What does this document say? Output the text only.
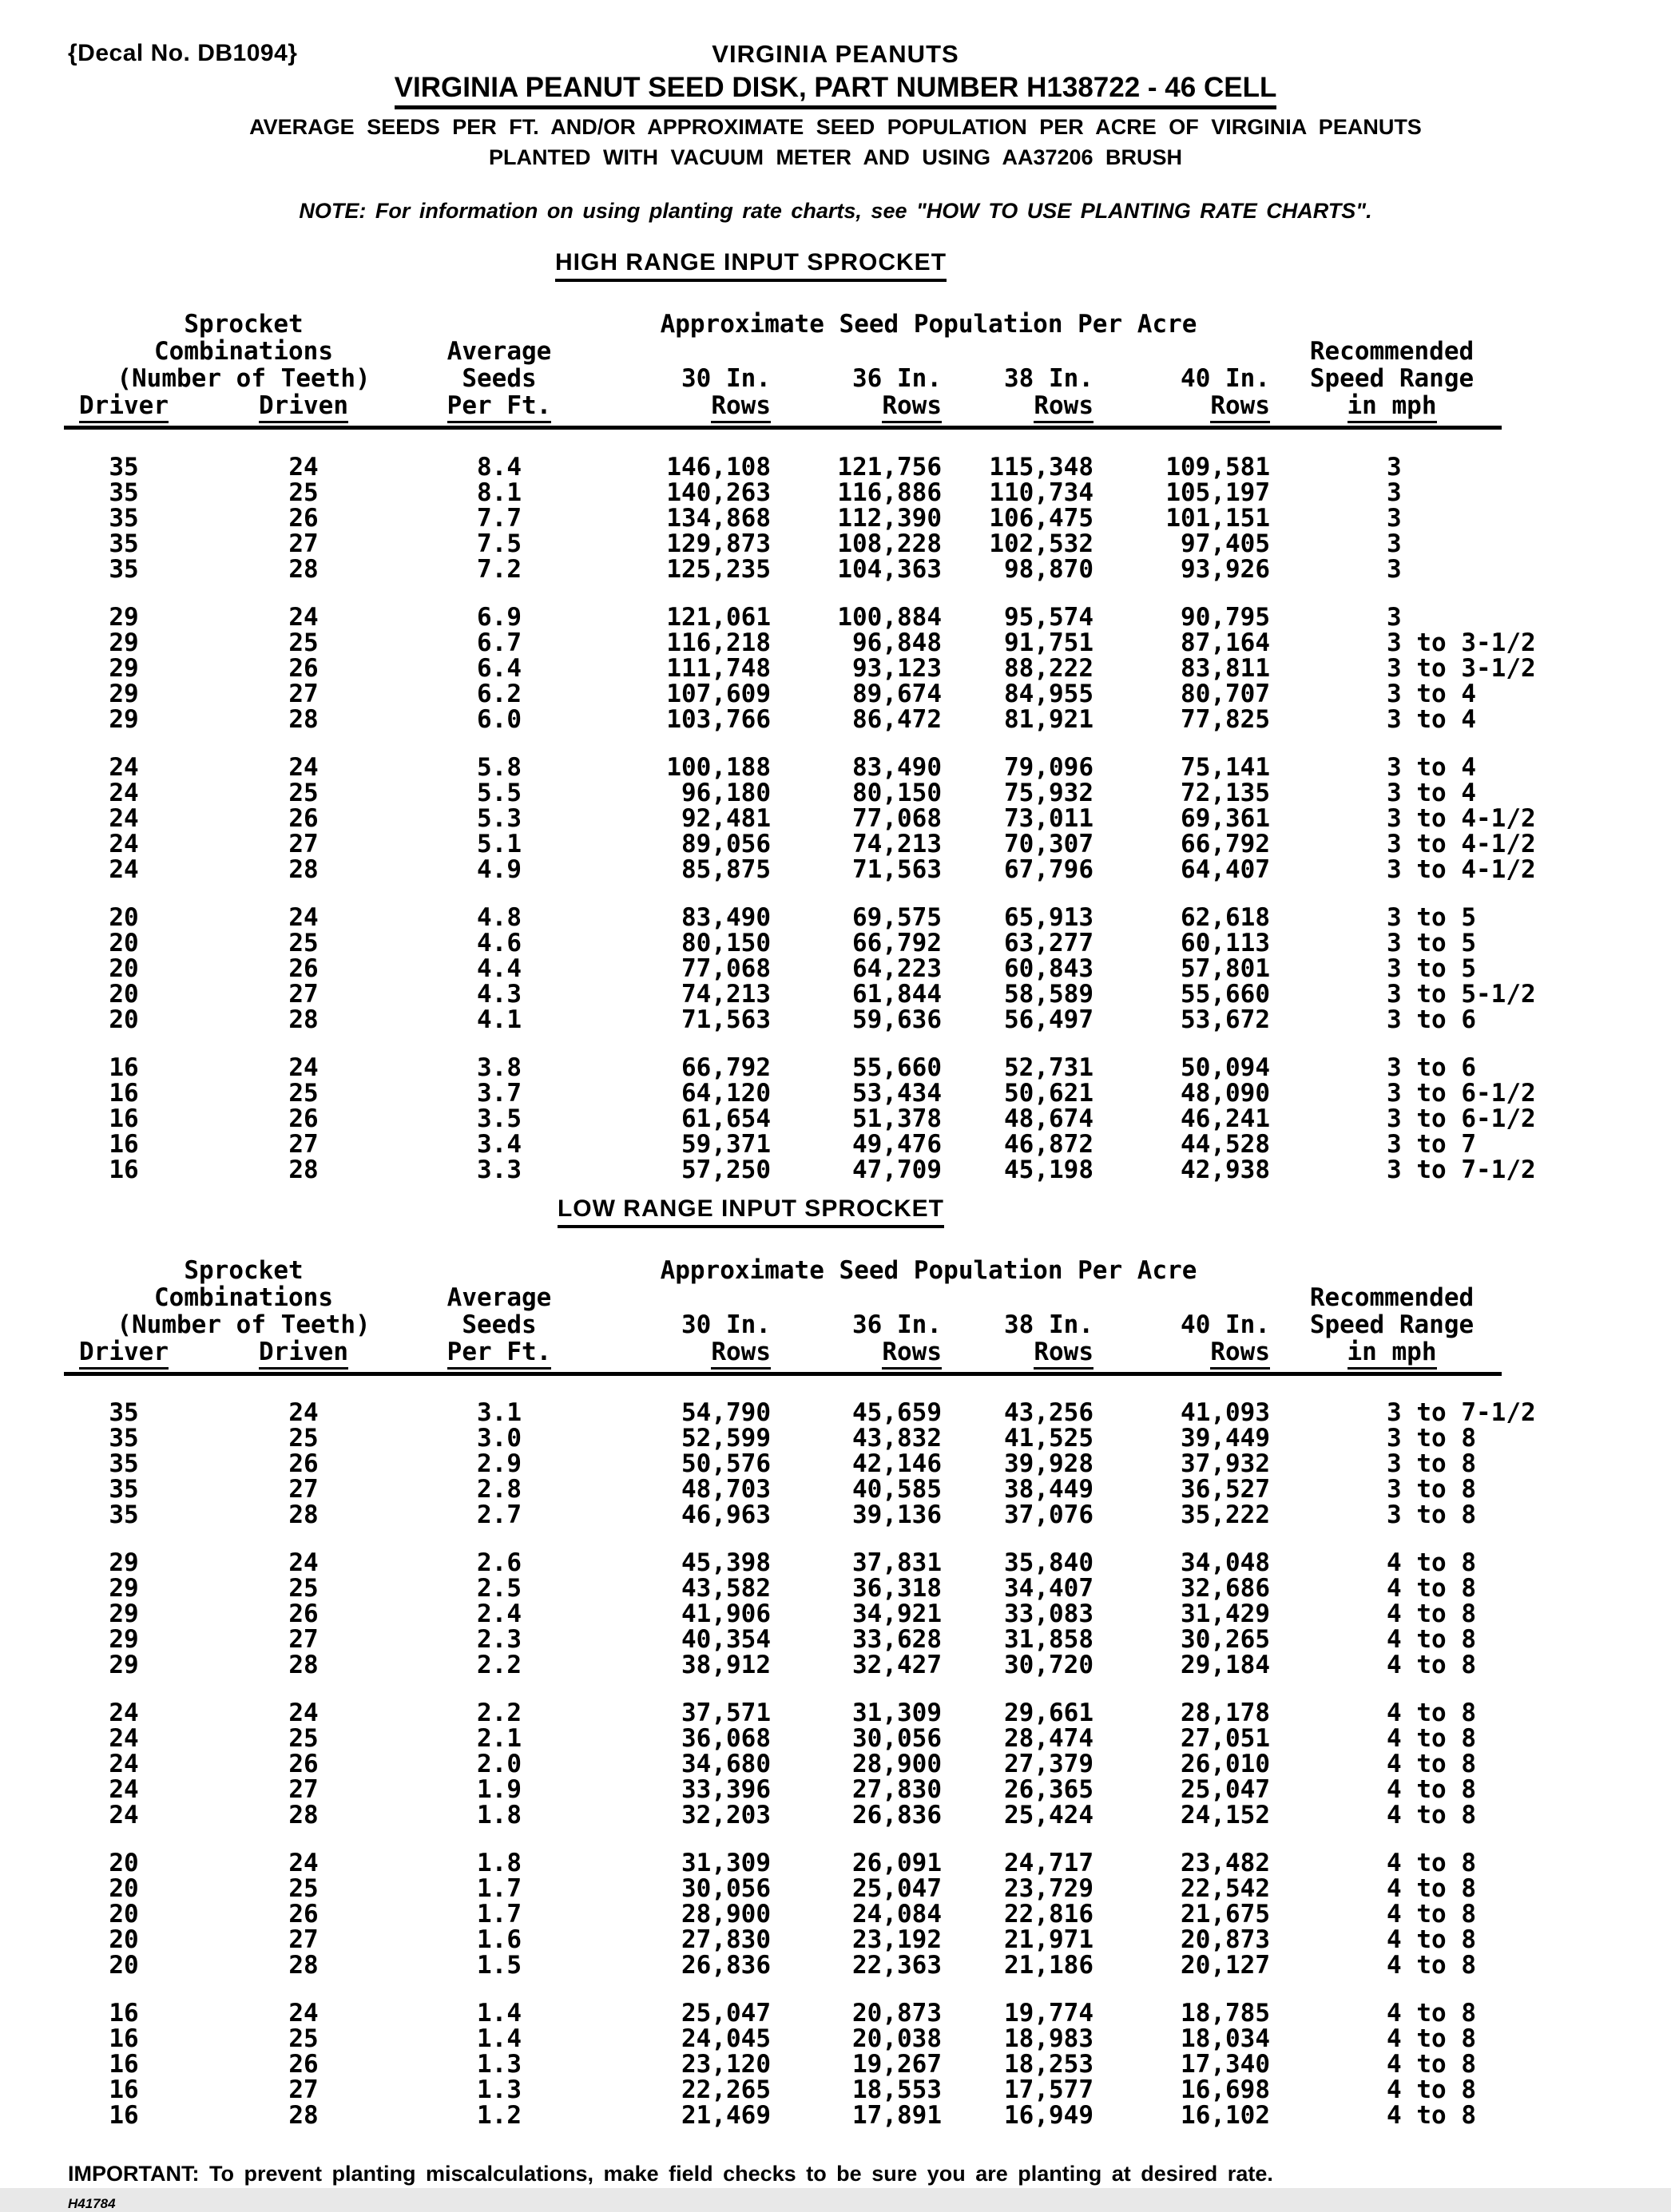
{Decal No. DB1094}	VIRGINIA PEANUTS
VIRGINIA PEANUT SEED DISK, PART NUMBER H138722 - 46 CELL
AVERAGE SEEDS PER FT. AND/OR APPROXIMATE SEED POPULATION PER ACRE OF VIRGINIA PEANUTS
PLANTED WITH VACUUM METER AND USING AA37206 BRUSH
NOTE: For information on using planting rate charts, see "HOW TO USE PLANTING RATE CHARTS".
HIGH RANGE INPUT SPROCKET
Sprocket			Approximate Seed Population Per Acre				
Combinations		Average					Recommended
(Number of Teeth)		Seeds	30 In.	36 In.	38 In.	40 In.	Speed Range
Driver	Driven	Per Ft.	Rows	Rows	Rows	Rows	in mph

35	24	8.4	146,108	121,756	115,348	109,581	3
35	25	8.1	140,263	116,886	110,734	105,197	3
35	26	7.7	134,868	112,390	106,475	101,151	3
35	27	7.5	129,873	108,228	102,532	97,405	3
35	28	7.2	125,235	104,363	98,870	93,926	3

29	24	6.9	121,061	100,884	95,574	90,795	3
29	25	6.7	116,218	96,848	91,751	87,164	3 to 3-1/2
29	26	6.4	111,748	93,123	88,222	83,811	3 to 3-1/2
29	27	6.2	107,609	89,674	84,955	80,707	3 to 4
29	28	6.0	103,766	86,472	81,921	77,825	3 to 4

24	24	5.8	100,188	83,490	79,096	75,141	3 to 4
24	25	5.5	96,180	80,150	75,932	72,135	3 to 4
24	26	5.3	92,481	77,068	73,011	69,361	3 to 4-1/2
24	27	5.1	89,056	74,213	70,307	66,792	3 to 4-1/2
24	28	4.9	85,875	71,563	67,796	64,407	3 to 4-1/2

20	24	4.8	83,490	69,575	65,913	62,618	3 to 5
20	25	4.6	80,150	66,792	63,277	60,113	3 to 5
20	26	4.4	77,068	64,223	60,843	57,801	3 to 5
20	27	4.3	74,213	61,844	58,589	55,660	3 to 5-1/2
20	28	4.1	71,563	59,636	56,497	53,672	3 to 6

16	24	3.8	66,792	55,660	52,731	50,094	3 to 6
16	25	3.7	64,120	53,434	50,621	48,090	3 to 6-1/2
16	26	3.5	61,654	51,378	48,674	46,241	3 to 6-1/2
16	27	3.4	59,371	49,476	46,872	44,528	3 to 7
16	28	3.3	57,250	47,709	45,198	42,938	3 to 7-1/2
LOW RANGE INPUT SPROCKET
Sprocket			Approximate Seed Population Per Acre				
Combinations		Average					Recommended
(Number of Teeth)		Seeds	30 In.	36 In.	38 In.	40 In.	Speed Range
Driver	Driven	Per Ft.	Rows	Rows	Rows	Rows	in mph

35	24	3.1	54,790	45,659	43,256	41,093	3 to 7-1/2
35	25	3.0	52,599	43,832	41,525	39,449	3 to 8
35	26	2.9	50,576	42,146	39,928	37,932	3 to 8
35	27	2.8	48,703	40,585	38,449	36,527	3 to 8
35	28	2.7	46,963	39,136	37,076	35,222	3 to 8

29	24	2.6	45,398	37,831	35,840	34,048	4 to 8
29	25	2.5	43,582	36,318	34,407	32,686	4 to 8
29	26	2.4	41,906	34,921	33,083	31,429	4 to 8
29	27	2.3	40,354	33,628	31,858	30,265	4 to 8
29	28	2.2	38,912	32,427	30,720	29,184	4 to 8

24	24	2.2	37,571	31,309	29,661	28,178	4 to 8
24	25	2.1	36,068	30,056	28,474	27,051	4 to 8
24	26	2.0	34,680	28,900	27,379	26,010	4 to 8
24	27	1.9	33,396	27,830	26,365	25,047	4 to 8
24	28	1.8	32,203	26,836	25,424	24,152	4 to 8

20	24	1.8	31,309	26,091	24,717	23,482	4 to 8
20	25	1.7	30,056	25,047	23,729	22,542	4 to 8
20	26	1.7	28,900	24,084	22,816	21,675	4 to 8
20	27	1.6	27,830	23,192	21,971	20,873	4 to 8
20	28	1.5	26,836	22,363	21,186	20,127	4 to 8

16	24	1.4	25,047	20,873	19,774	18,785	4 to 8
16	25	1.4	24,045	20,038	18,983	18,034	4 to 8
16	26	1.3	23,120	19,267	18,253	17,340	4 to 8
16	27	1.3	22,265	18,553	17,577	16,698	4 to 8
16	28	1.2	21,469	17,891	16,949	16,102	4 to 8
IMPORTANT: To prevent planting miscalculations, make field checks to be sure you are planting at desired rate.
H41784
